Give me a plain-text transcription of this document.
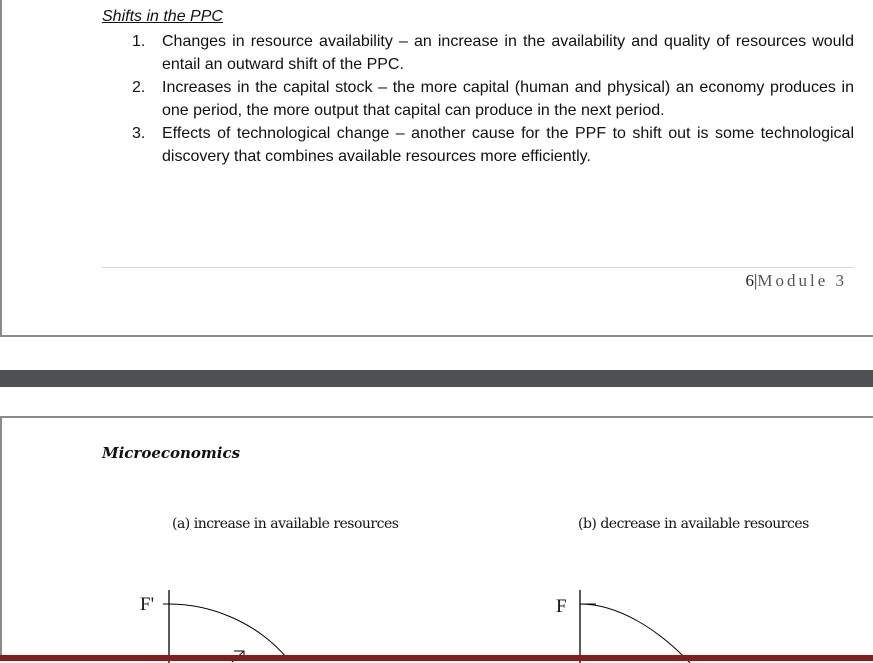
Shifts in the PPC
1. Changes in resource availability – an increase in the availability and quality of resources would entail an outward shift of the PPC.
2. Increases in the capital stock – the more capital (human and physical) an economy produces in one period, the more output that capital can produce in the next period.
3. Effects of technological change – another cause for the PPF to shift out is some technological discovery that combines available resources more efficiently.
6|Module 3
Microeconomics
(a) increase in available resources	(b) decrease in available resources
F'	F
